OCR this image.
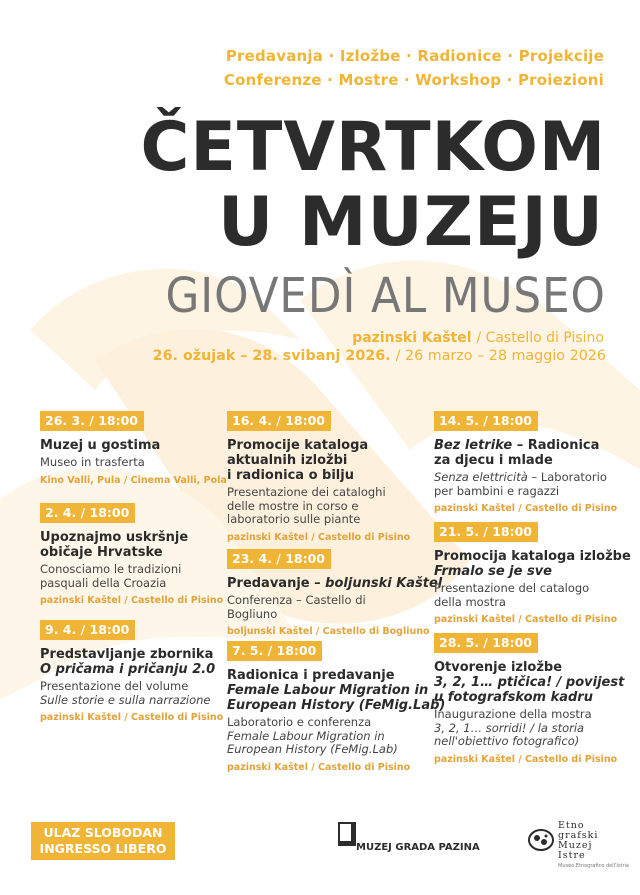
Predavanja · Izložbe · Radionice · Projekcije
Conferenze · Mostre · Workshop · Proiezioni
ČETVRTKOM
U MUZEJU
GIOVEDÌ AL MUSEO
pazinski Kaštel / Castello di Pisino
26. ožujak – 28. svibanj 2026. / 26 marzo – 28 maggio 2026
26. 3. / 18:00
Muzej u gostima
Museo in trasferta
Kino Valli, Pula / Cinema Valli, Pola
2. 4. / 18:00
Upoznajmo uskršnje
običaje Hrvatske
Conosciamo le tradizioni
pasquali della Croazia
pazinski Kaštel / Castello di Pisino
9. 4. / 18:00
Predstavljanje zbornika
O pričama i pričanju 2.0
Presentazione del volume
Sulle storie e sulla narrazione
pazinski Kaštel / Castello di Pisino
16. 4. / 18:00
Promocije kataloga
aktualnih izložbi
i radionica o bilju
Presentazione dei cataloghi
delle mostre in corso e
laboratorio sulle piante
pazinski Kaštel / Castello di Pisino
23. 4. / 18:00
Predavanje – boljunski Kaštel
Conferenza – Castello di
Bogliuno
boljunski Kaštel / Castello di Bogliuno
7. 5. / 18:00
Radionica i predavanje
Female Labour Migration in
European History (FeMig.Lab)
Laboratorio e conferenza
Female Labour Migration in
European History (FeMig.Lab)
pazinski Kaštel / Castello di Pisino
14. 5. / 18:00
Bez letrike – Radionica
za djecu i mlade
Senza elettricità – Laboratorio
per bambini e ragazzi
pazinski Kaštel / Castello di Pisino
21. 5. / 18:00
Promocija kataloga izložbe
Frmalo se je sve
Presentazione del catalogo
della mostra
pazinski Kaštel / Castello di Pisino
28. 5. / 18:00
Otvorenje izložbe
3, 2, 1… ptičica! / povijest
u fotografskom kadru
Inaugurazione della mostra
3, 2, 1… sorridi! / la storia
nell'obiettivo fotografico)
pazinski Kaštel / Castello di Pisino
ULAZ SLOBODAN
INGRESSO LIBERO	MUZEJ GRADA PAZINA
Etno
grafski
Muzej
Istre
Museo Etnografico dell'Istria
